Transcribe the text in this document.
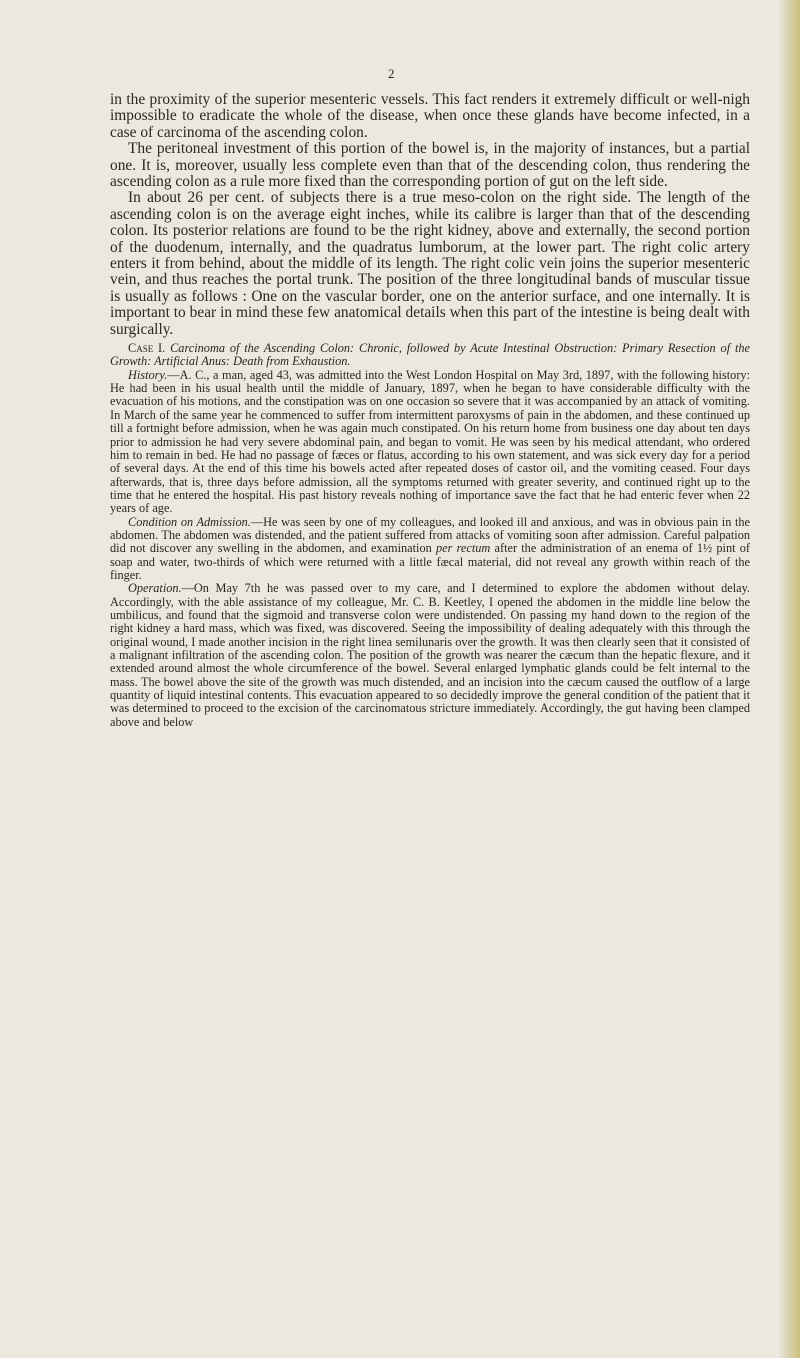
2

in the proximity of the superior mesenteric vessels. This fact renders it extremely difficult or well-nigh impossible to eradicate the whole of the disease, when once these glands have become infected, in a case of carcinoma of the ascending colon.

The peritoneal investment of this portion of the bowel is, in the majority of instances, but a partial one. It is, moreover, usually less complete even than that of the descending colon, thus rendering the ascending colon as a rule more fixed than the corresponding portion of gut on the left side.

In about 26 per cent. of subjects there is a true meso-colon on the right side. The length of the ascending colon is on the average eight inches, while its calibre is larger than that of the descending colon. Its posterior relations are found to be the right kidney, above and externally, the second portion of the duodenum, internally, and the quadratus lumborum, at the lower part. The right colic artery enters it from behind, about the middle of its length. The right colic vein joins the superior mesenteric vein, and thus reaches the portal trunk. The position of the three longitudinal bands of muscular tissue is usually as follows : One on the vascular border, one on the anterior surface, and one internally. It is important to bear in mind these few anatomical details when this part of the intestine is being dealt with surgically.

Case I. Carcinoma of the Ascending Colon: Chronic, followed by Acute Intestinal Obstruction: Primary Resection of the Growth: Artificial Anus: Death from Exhaustion.

History.—A. C., a man, aged 43, was admitted into the West London Hospital on May 3rd, 1897, with the following history: He had been in his usual health until the middle of January, 1897, when he began to have considerable difficulty with the evacuation of his motions, and the constipation was on one occasion so severe that it was accompanied by an attack of vomiting. In March of the same year he commenced to suffer from intermittent paroxysms of pain in the abdomen, and these continued up till a fortnight before admission, when he was again much constipated. On his return home from business one day about ten days prior to admission he had very severe abdominal pain, and began to vomit. He was seen by his medical attendant, who ordered him to remain in bed. He had no passage of fæces or flatus, according to his own statement, and was sick every day for a period of several days. At the end of this time his bowels acted after repeated doses of castor oil, and the vomiting ceased. Four days afterwards, that is, three days before admission, all the symptoms returned with greater severity, and continued right up to the time that he entered the hospital. His past history reveals nothing of importance save the fact that he had enteric fever when 22 years of age.

Condition on Admission.—He was seen by one of my colleagues, and looked ill and anxious, and was in obvious pain in the abdomen. The abdomen was distended, and the patient suffered from attacks of vomiting soon after admission. Careful palpation did not discover any swelling in the abdomen, and examination per rectum after the administration of an enema of 1½ pint of soap and water, two-thirds of which were returned with a little fæcal material, did not reveal any growth within reach of the finger.

Operation.—On May 7th he was passed over to my care, and I determined to explore the abdomen without delay. Accordingly, with the able assistance of my colleague, Mr. C. B. Keetley, I opened the abdomen in the middle line below the umbilicus, and found that the sigmoid and transverse colon were undistended. On passing my hand down to the region of the right kidney a hard mass, which was fixed, was discovered. Seeing the impossibility of dealing adequately with this through the original wound, I made another incision in the right linea semilunaris over the growth. It was then clearly seen that it consisted of a malignant infiltration of the ascending colon. The position of the growth was nearer the cæcum than the hepatic flexure, and it extended around almost the whole circumference of the bowel. Several enlarged lymphatic glands could be felt internal to the mass. The bowel above the site of the growth was much distended, and an incision into the cæcum caused the outflow of a large quantity of liquid intestinal contents. This evacuation appeared to so decidedly improve the general condition of the patient that it was determined to proceed to the excision of the carcinomatous stricture immediately. Accordingly, the gut having been clamped above and below
